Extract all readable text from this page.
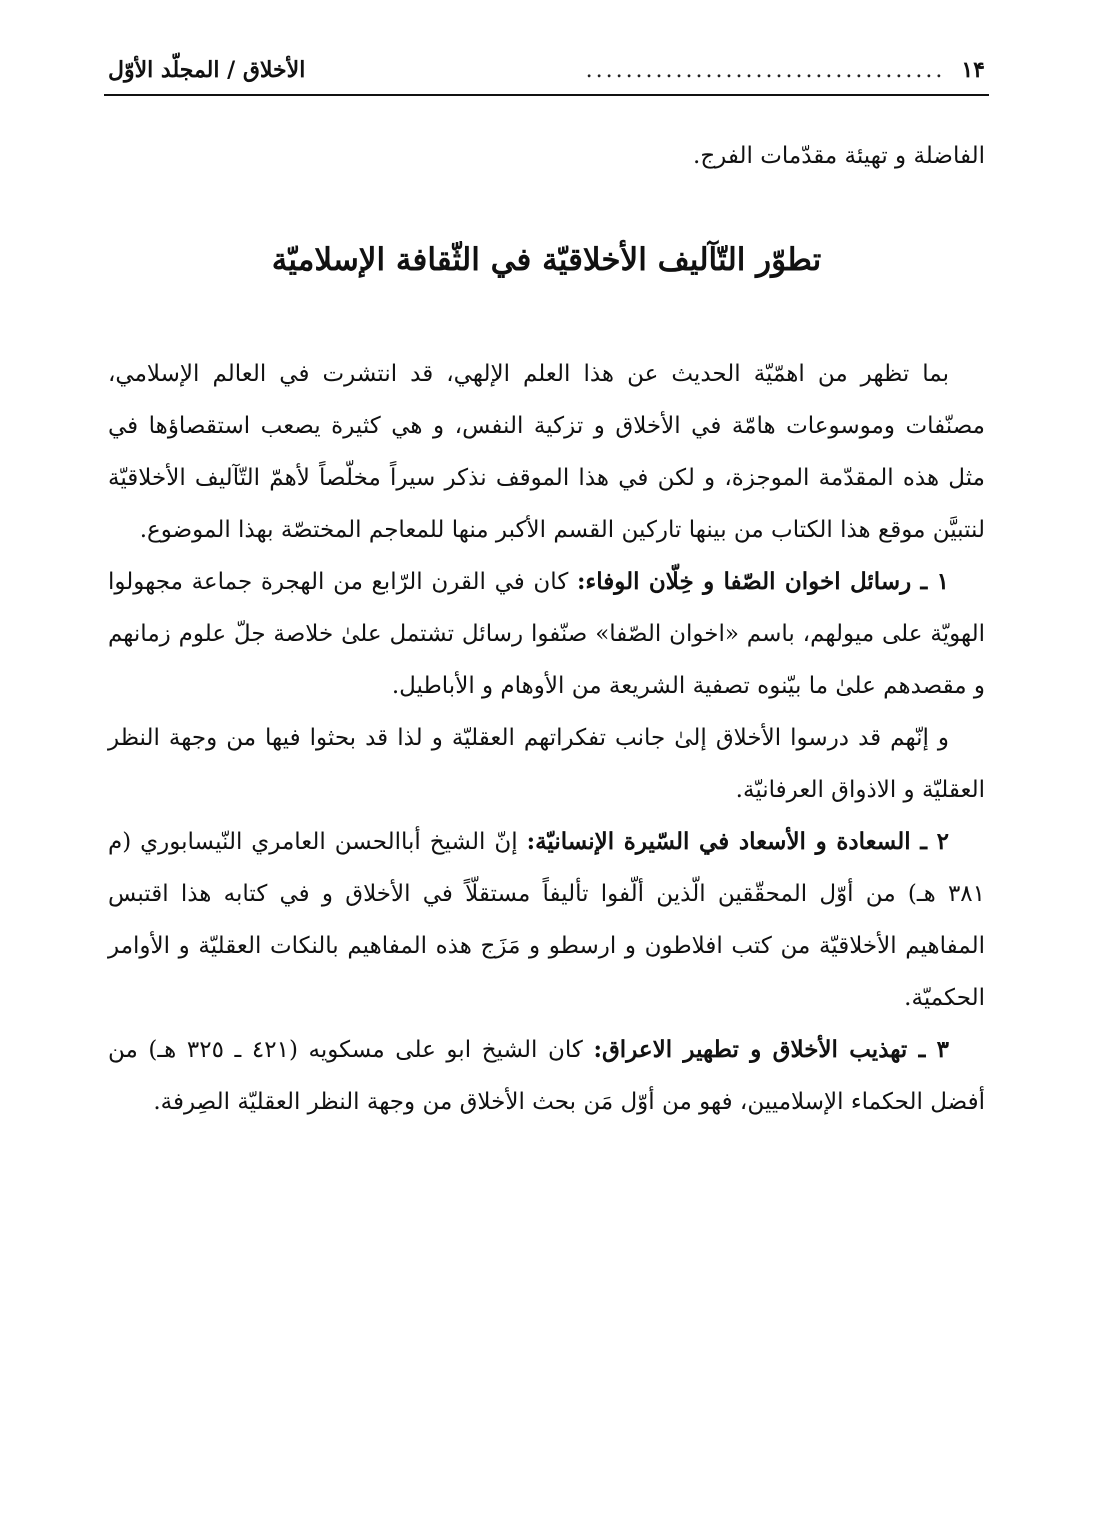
١۴
....................................
الأخلاق / المجلّد الأوّل

الفاضلة و تهيئة مقدّمات الفرج.

تطوّر التّآليف الأخلاقيّة في الثّقافة الإسلاميّة

بما تظهر من اهمّيّة الحديث عن هذا العلم الإلهي، قد انتشرت في العالم الإسلامي، مصنّفات وموسوعات هامّة في الأخلاق و تزكية النفس، و هي كثيرة يصعب استقصاؤها في مثل هذه المقدّمة الموجزة، و لكن في هذا الموقف نذكر سيراً مخلّصاً لأهمّ التّآليف الأخلاقيّة لنتبيَّن موقع هذا الكتاب من بينها تاركين القسم الأكبر منها للمعاجم المختصّة بهذا الموضوع.

١ ـ رسائل اخوان الصّفا و خِلّان الوفاء: كان في القرن الرّابع من الهجرة جماعة مجهولوا الهويّة على ميولهم، باسم «اخوان الصّفا» صنّفوا رسائل تشتمل علىٰ خلاصة جلّ علوم زمانهم و مقصدهم علىٰ ما بيّنوه تصفية الشريعة من الأوهام و الأباطيل.

و إنّهم قد درسوا الأخلاق إلىٰ جانب تفكراتهم العقليّة و لذا قد بحثوا فيها من وجهة النظر العقليّة و الاذواق العرفانيّة.

٢ ـ السعادة و الأسعاد في السّيرة الإنسانيّة: إنّ الشيخ أباالحسن العامري النّيسابوري (م ٣٨١ هـ) من أوّل المحقّقين الّذين ألّفوا تأليفاً مستقلّاً في الأخلاق و في كتابه هذا اقتبس المفاهيم الأخلاقيّة من كتب افلاطون و ارسطو و مَزَج هذه المفاهيم بالنكات العقليّة و الأوامر الحكميّة.

٣ ـ تهذيب الأخلاق و تطهير الاعراق: كان الشيخ ابو على مسكويه (٤٢١ ـ ٣٢٥ هـ) من أفضل الحكماء الإسلاميين، فهو من أوّل مَن بحث الأخلاق من وجهة النظر العقليّة الصِرفة.
